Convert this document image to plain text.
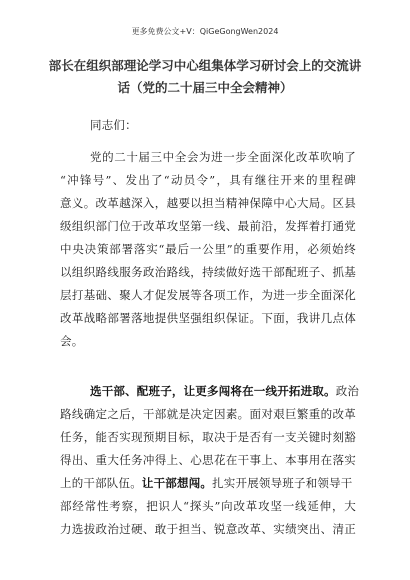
更多免费公文+V：QiGeGongWen2024
部长在组织部理论学习中心组集体学习研讨会上的交流讲
话（党的二十届三中全会精神）
同志们：
党的二十届三中全会为进一步全面深化改革吹响了
“冲锋号”、发出了“动员令”，具有继往开来的里程碑
意义。改革越深入，越要以担当精神保障中心大局。区县
级组织部门位于改革攻坚第一线、最前沿，发挥着打通党
中央决策部署落实“最后一公里”的重要作用，必须始终
以组织路线服务政治路线，持续做好选干部配班子、抓基
层打基础、聚人才促发展等各项工作，为进一步全面深化
改革战略部署落地提供坚强组织保证。下面，我讲几点体
会。
选干部、配班子，让更多闯将在一线开拓进取。政治
路线确定之后，干部就是决定因素。面对艰巨繁重的改革
任务，能否实现预期目标，取决于是否有一支关键时刻豁
得出、重大任务冲得上、心思花在干事上、本事用在落实
上的干部队伍。让干部想闯。扎实开展领导班子和领导干
部经常性考察，把识人“探头”向改革攻坚一线延伸，大
力选拔政治过硬、敢于担当、锐意改革、实绩突出、清正
